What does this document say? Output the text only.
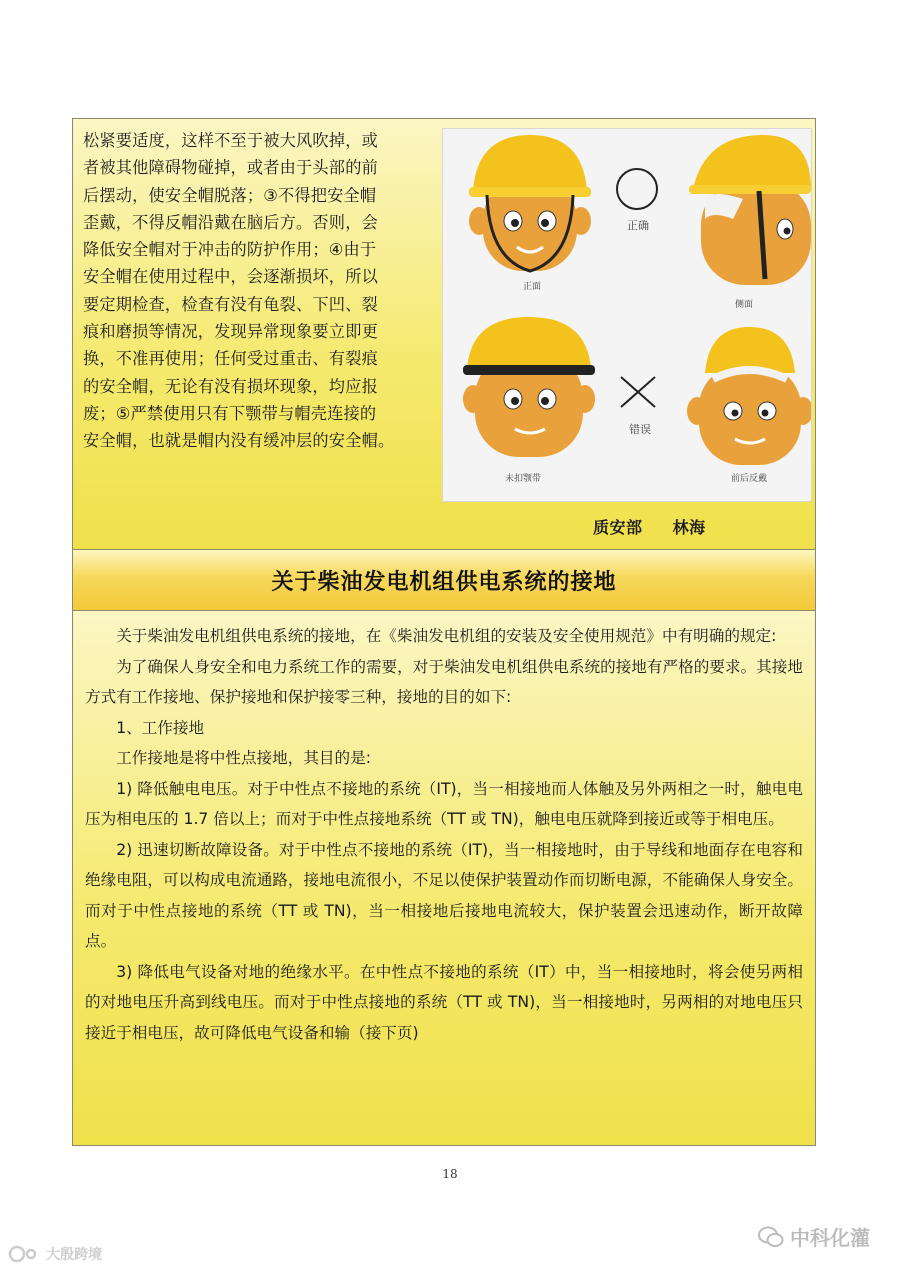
松紧要适度，这样不至于被大风吹掉，或

者被其他障碍物碰掉，或者由于头部的前

后摆动，使安全帽脱落；③不得把安全帽

歪戴，不得反帽沿戴在脑后方。否则，会

降低安全帽对于冲击的防护作用；④由于

安全帽在使用过程中，会逐渐损坏，所以

要定期检查，检查有没有龟裂、下凹、裂

痕和磨损等情况，发现异常现象要立即更

换，不准再使用；任何受过重击、有裂痕

的安全帽，无论有没有损坏现象，均应报

废；⑤严禁使用只有下颚带与帽壳连接的

安全帽，也就是帽内没有缓冲层的安全帽。

正面
正确
侧面
未扣颚带
错误
前后反戴
质安部 林海
关于柴油发电机组供电系统的接地

关于柴油发电机组供电系统的接地，在《柴油发电机组的安装及安全使用规范》中有明确的规定:

为了确保人身安全和电力系统工作的需要，对于柴油发电机组供电系统的接地有严格的要求。其接地方式有工作接地、保护接地和保护接零三种，接地的目的如下:

1、工作接地

工作接地是将中性点接地，其目的是:

1) 降低触电电压。对于中性点不接地的系统（IT)，当一相接地而人体触及另外两相之一时，触电电压为相电压的 1.7 倍以上；而对于中性点接地系统（TT 或 TN)，触电电压就降到接近或等于相电压。

2) 迅速切断故障设备。对于中性点不接地的系统（IT)，当一相接地时，由于导线和地面存在电容和绝缘电阻，可以构成电流通路，接地电流很小，不足以使保护装置动作而切断电源，不能确保人身安全。而对于中性点接地的系统（TT 或 TN)，当一相接地后接地电流较大，保护装置会迅速动作，断开故障点。

3) 降低电气设备对地的绝缘水平。在中性点不接地的系统（IT）中，当一相接地时，将会使另两相的对地电压升高到线电压。而对于中性点接地的系统（TT 或 TN)，当一相接地时，另两相的对地电压只接近于相电压，故可降低电气设备和输（接下页)

18
中科化灌
大殷跨境
